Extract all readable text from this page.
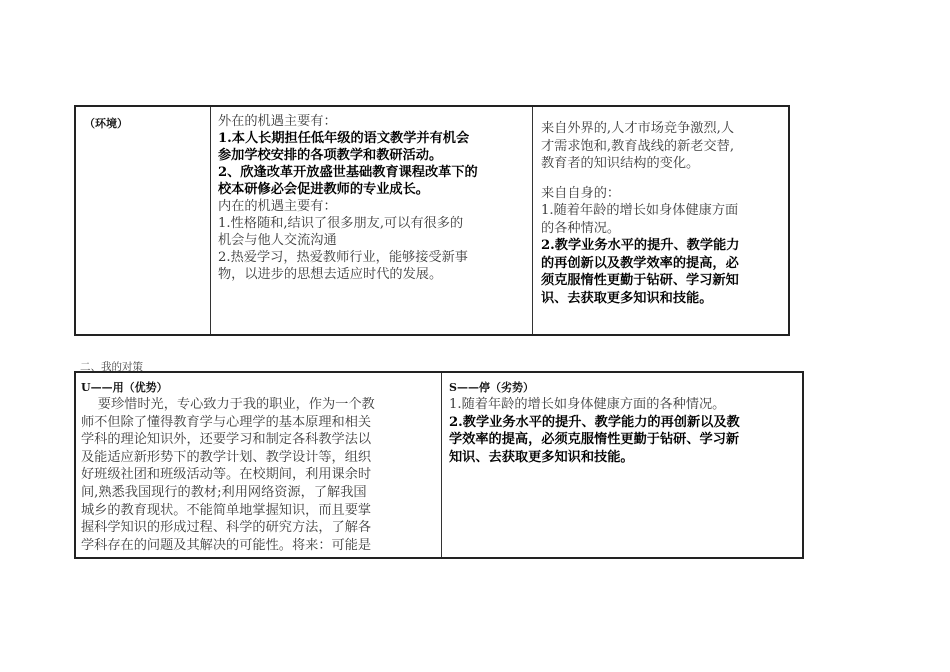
（环境）	外在的机遇主要有：
1.本人长期担任低年级的语文教学并有机会
参加学校安排的各项教学和教研活动。
2、欣逢改革开放盛世基础教育课程改革下的
校本研修必会促进教师的专业成长。
内在的机遇主要有：
1.性格随和,结识了很多朋友,可以有很多的
机会与他人交流沟通
2.热爱学习，热爱教师行业，能够接受新事
物，以进步的思想去适应时代的发展。
来自外界的,人才市场竞争激烈,人
才需求饱和,教育战线的新老交替,
教育者的知识结构的变化。
来自自身的：
1.随着年龄的增长如身体健康方面
的各种情况。
2.教学业务水平的提升、教学能力
的再创新以及教学效率的提高，必
须克服惰性更勤于钻研、学习新知
识、去获取更多知识和技能。
二、我的对策
U——用（优势）	S——停（劣势）
要珍惜时光，专心致力于我的职业，作为一个教
师不但除了懂得教育学与心理学的基本原理和相关
学科的理论知识外，还要学习和制定各科教学法以
及能适应新形势下的教学计划、教学设计等，组织
好班级社团和班级活动等。在校期间，利用课余时
间,熟悉我国现行的教材;利用网络资源，了解我国
城乡的教育现状。不能简单地掌握知识，而且要掌
握科学知识的形成过程、科学的研究方法，了解各
学科存在的问题及其解决的可能性。将来：可能是
1.随着年龄的增长如身体健康方面的各种情况。
2.教学业务水平的提升、教学能力的再创新以及教
学效率的提高，必须克服惰性更勤于钻研、学习新
知识、去获取更多知识和技能。
